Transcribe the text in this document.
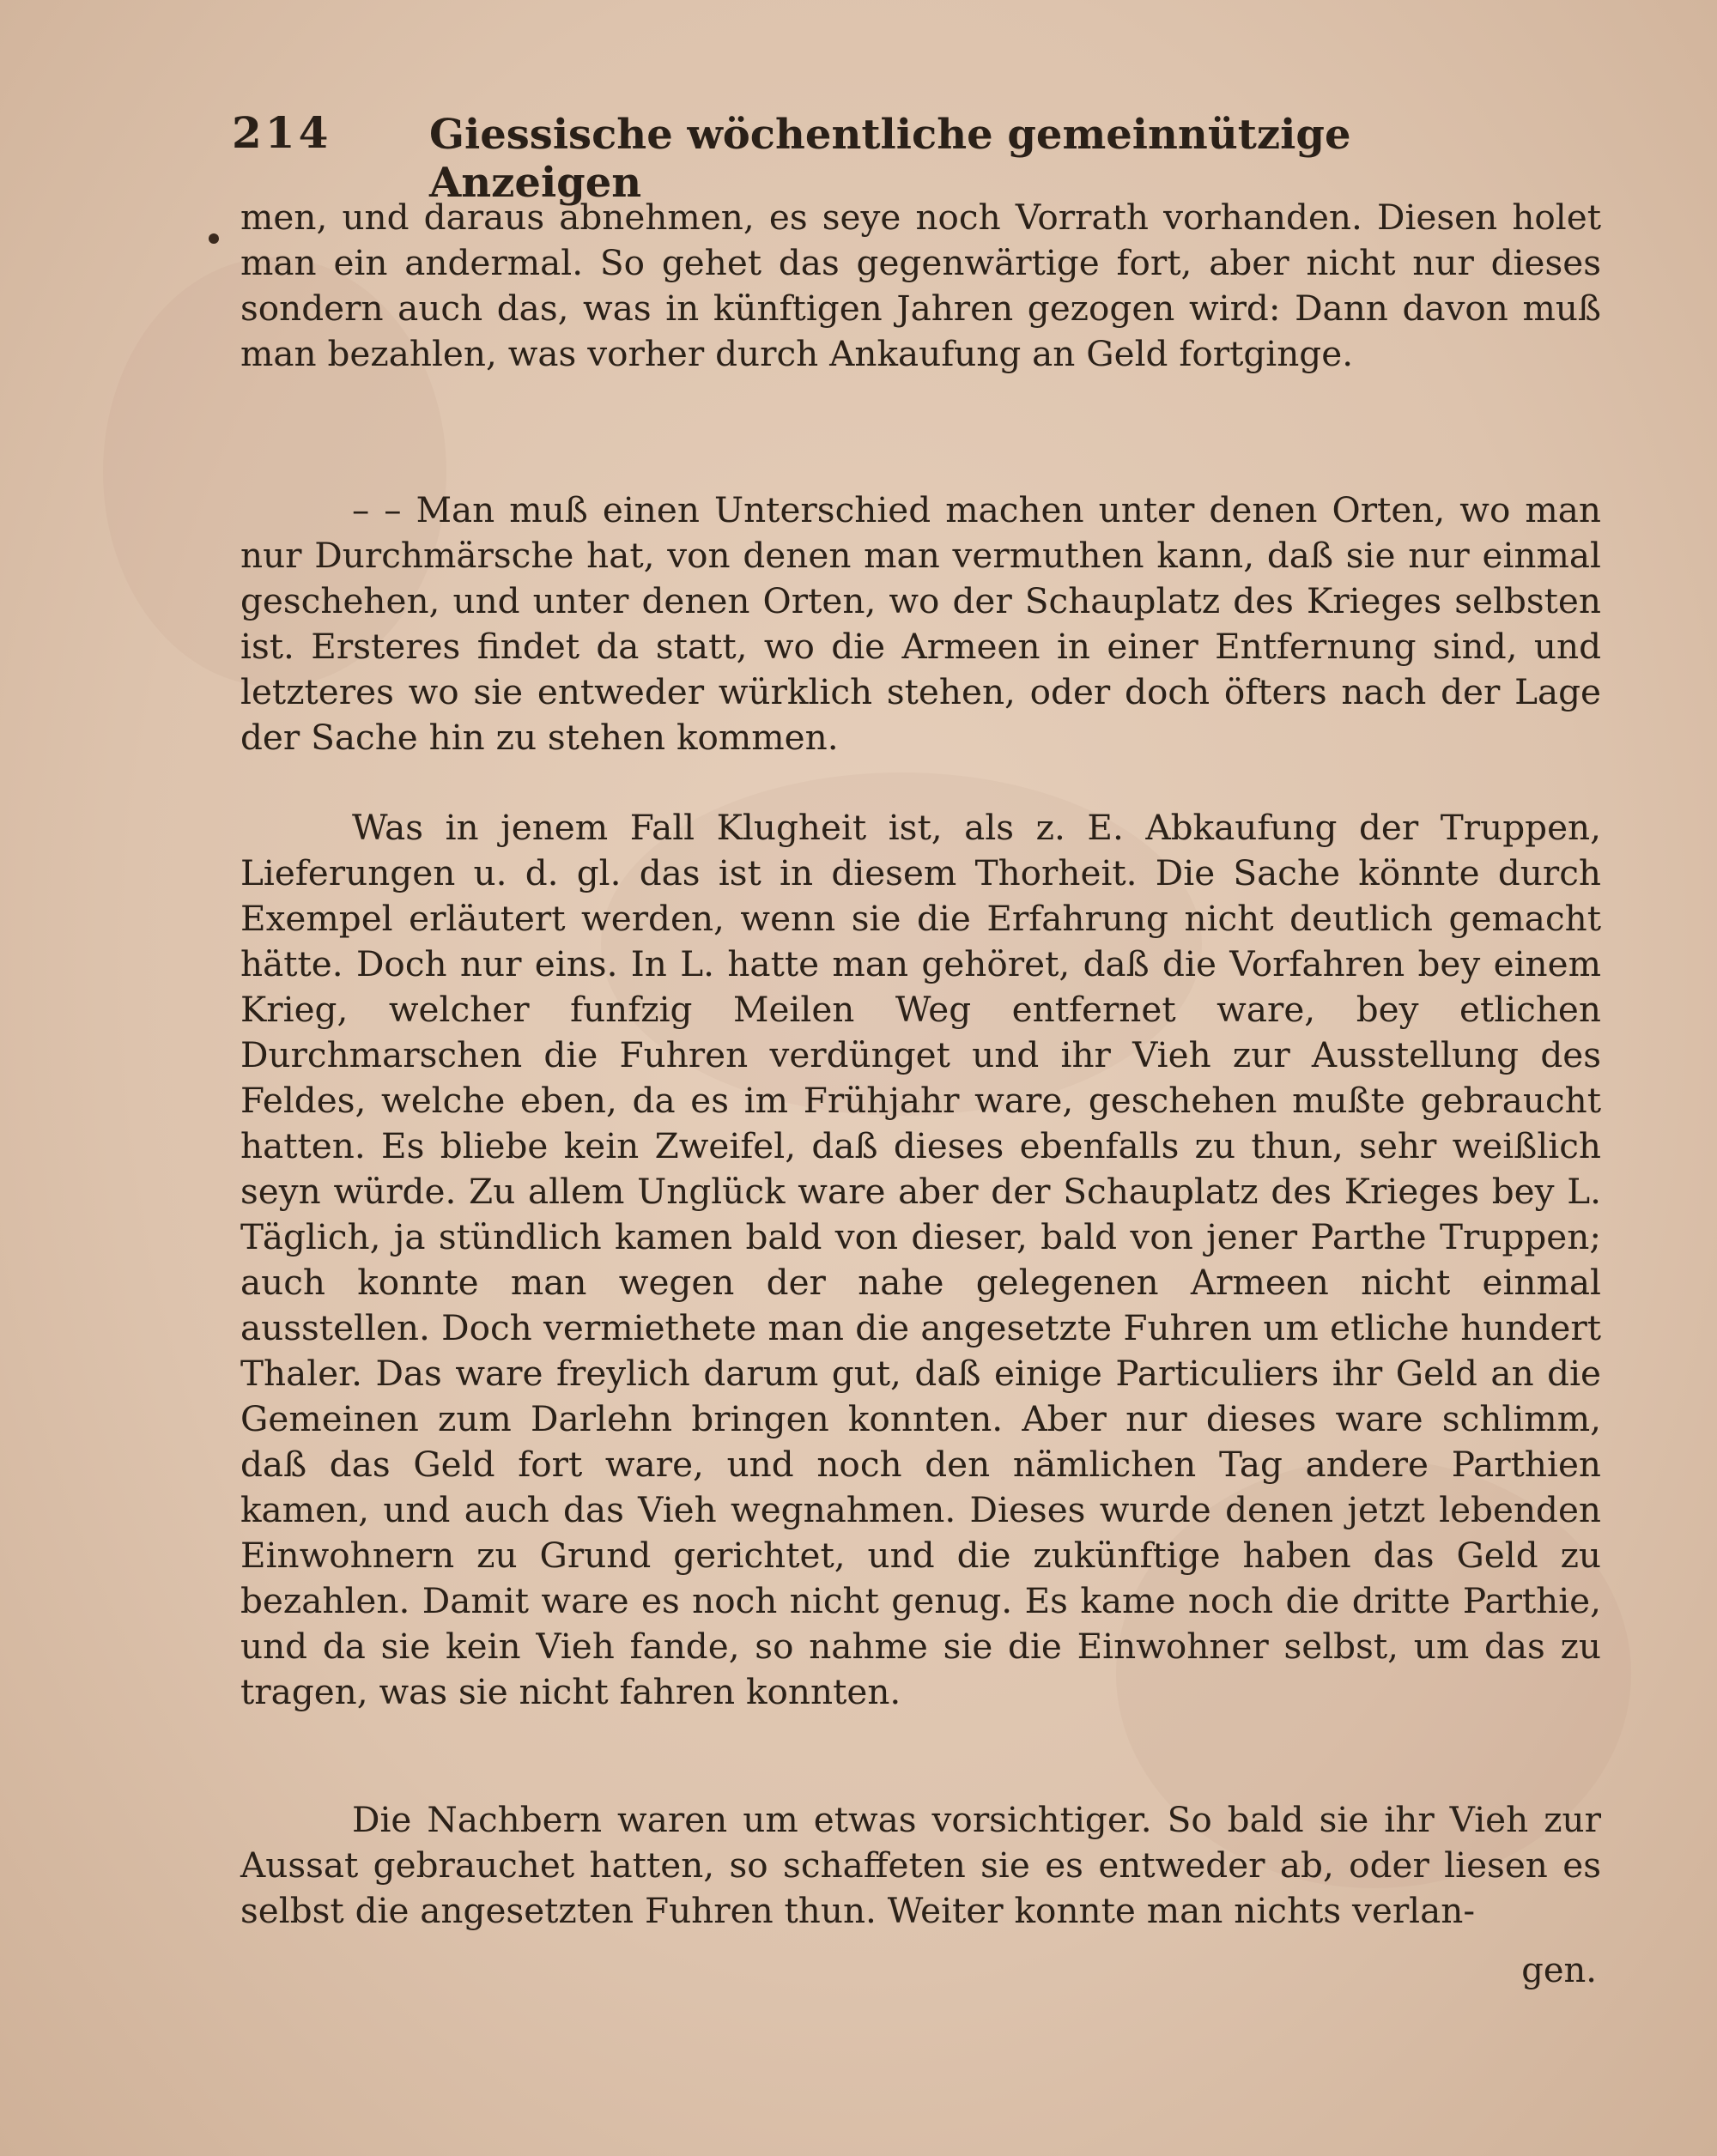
214 Giessische wöchentliche gemeinnützige Anzeigen

men, und daraus abnehmen, es seye noch Vorrath vorhanden. Diesen holet man ein andermal. So gehet das gegenwärtige fort, aber nicht nur dieses sondern auch das, was in künftigen Jahren gezogen wird: Dann davon muß man bezahlen, was vorher durch Ankaufung an Geld fortginge.

– – Man muß einen Unterschied machen unter denen Orten, wo man nur Durchmärsche hat, von denen man vermuthen kann, daß sie nur einmal geschehen, und unter denen Orten, wo der Schauplatz des Krieges selbsten ist. Ersteres findet da statt, wo die Armeen in einer Entfernung sind, und letzteres wo sie entweder würklich stehen, oder doch öfters nach der Lage der Sache hin zu stehen kommen.

Was in jenem Fall Klugheit ist, als z. E. Abkaufung der Truppen, Lieferungen u. d. gl. das ist in diesem Thorheit. Die Sache könnte durch Exempel erläutert werden, wenn sie die Erfahrung nicht deutlich gemacht hätte. Doch nur eins. In L. hatte man gehöret, daß die Vorfahren bey einem Krieg, welcher funfzig Meilen Weg entfernet ware, bey etlichen Durchmarschen die Fuhren verdünget und ihr Vieh zur Ausstellung des Feldes, welche eben, da es im Frühjahr ware, geschehen mußte gebraucht hatten. Es bliebe kein Zweifel, daß dieses ebenfalls zu thun, sehr weißlich seyn würde. Zu allem Unglück ware aber der Schauplatz des Krieges bey L. Täglich, ja stündlich kamen bald von dieser, bald von jener Parthe Truppen; auch konnte man wegen der nahe gelegenen Armeen nicht einmal ausstellen. Doch vermiethete man die angesetzte Fuhren um etliche hundert Thaler. Das ware freylich darum gut, daß einige Particuliers ihr Geld an die Gemeinen zum Darlehn bringen konnten. Aber nur dieses ware schlimm, daß das Geld fort ware, und noch den nämlichen Tag andere Parthien kamen, und auch das Vieh wegnahmen. Dieses wurde denen jetzt lebenden Einwohnern zu Grund gerichtet, und die zukünftige haben das Geld zu bezahlen. Damit ware es noch nicht genug. Es kame noch die dritte Parthie, und da sie kein Vieh fande, so nahme sie die Einwohner selbst, um das zu tragen, was sie nicht fahren konnten.

Die Nachbern waren um etwas vorsichtiger. So bald sie ihr Vieh zur Aussat gebrauchet hatten, so schaffeten sie es entweder ab, oder liesen es selbst die angesetzten Fuhren thun. Weiter konnte man nichts verlan-

gen.
